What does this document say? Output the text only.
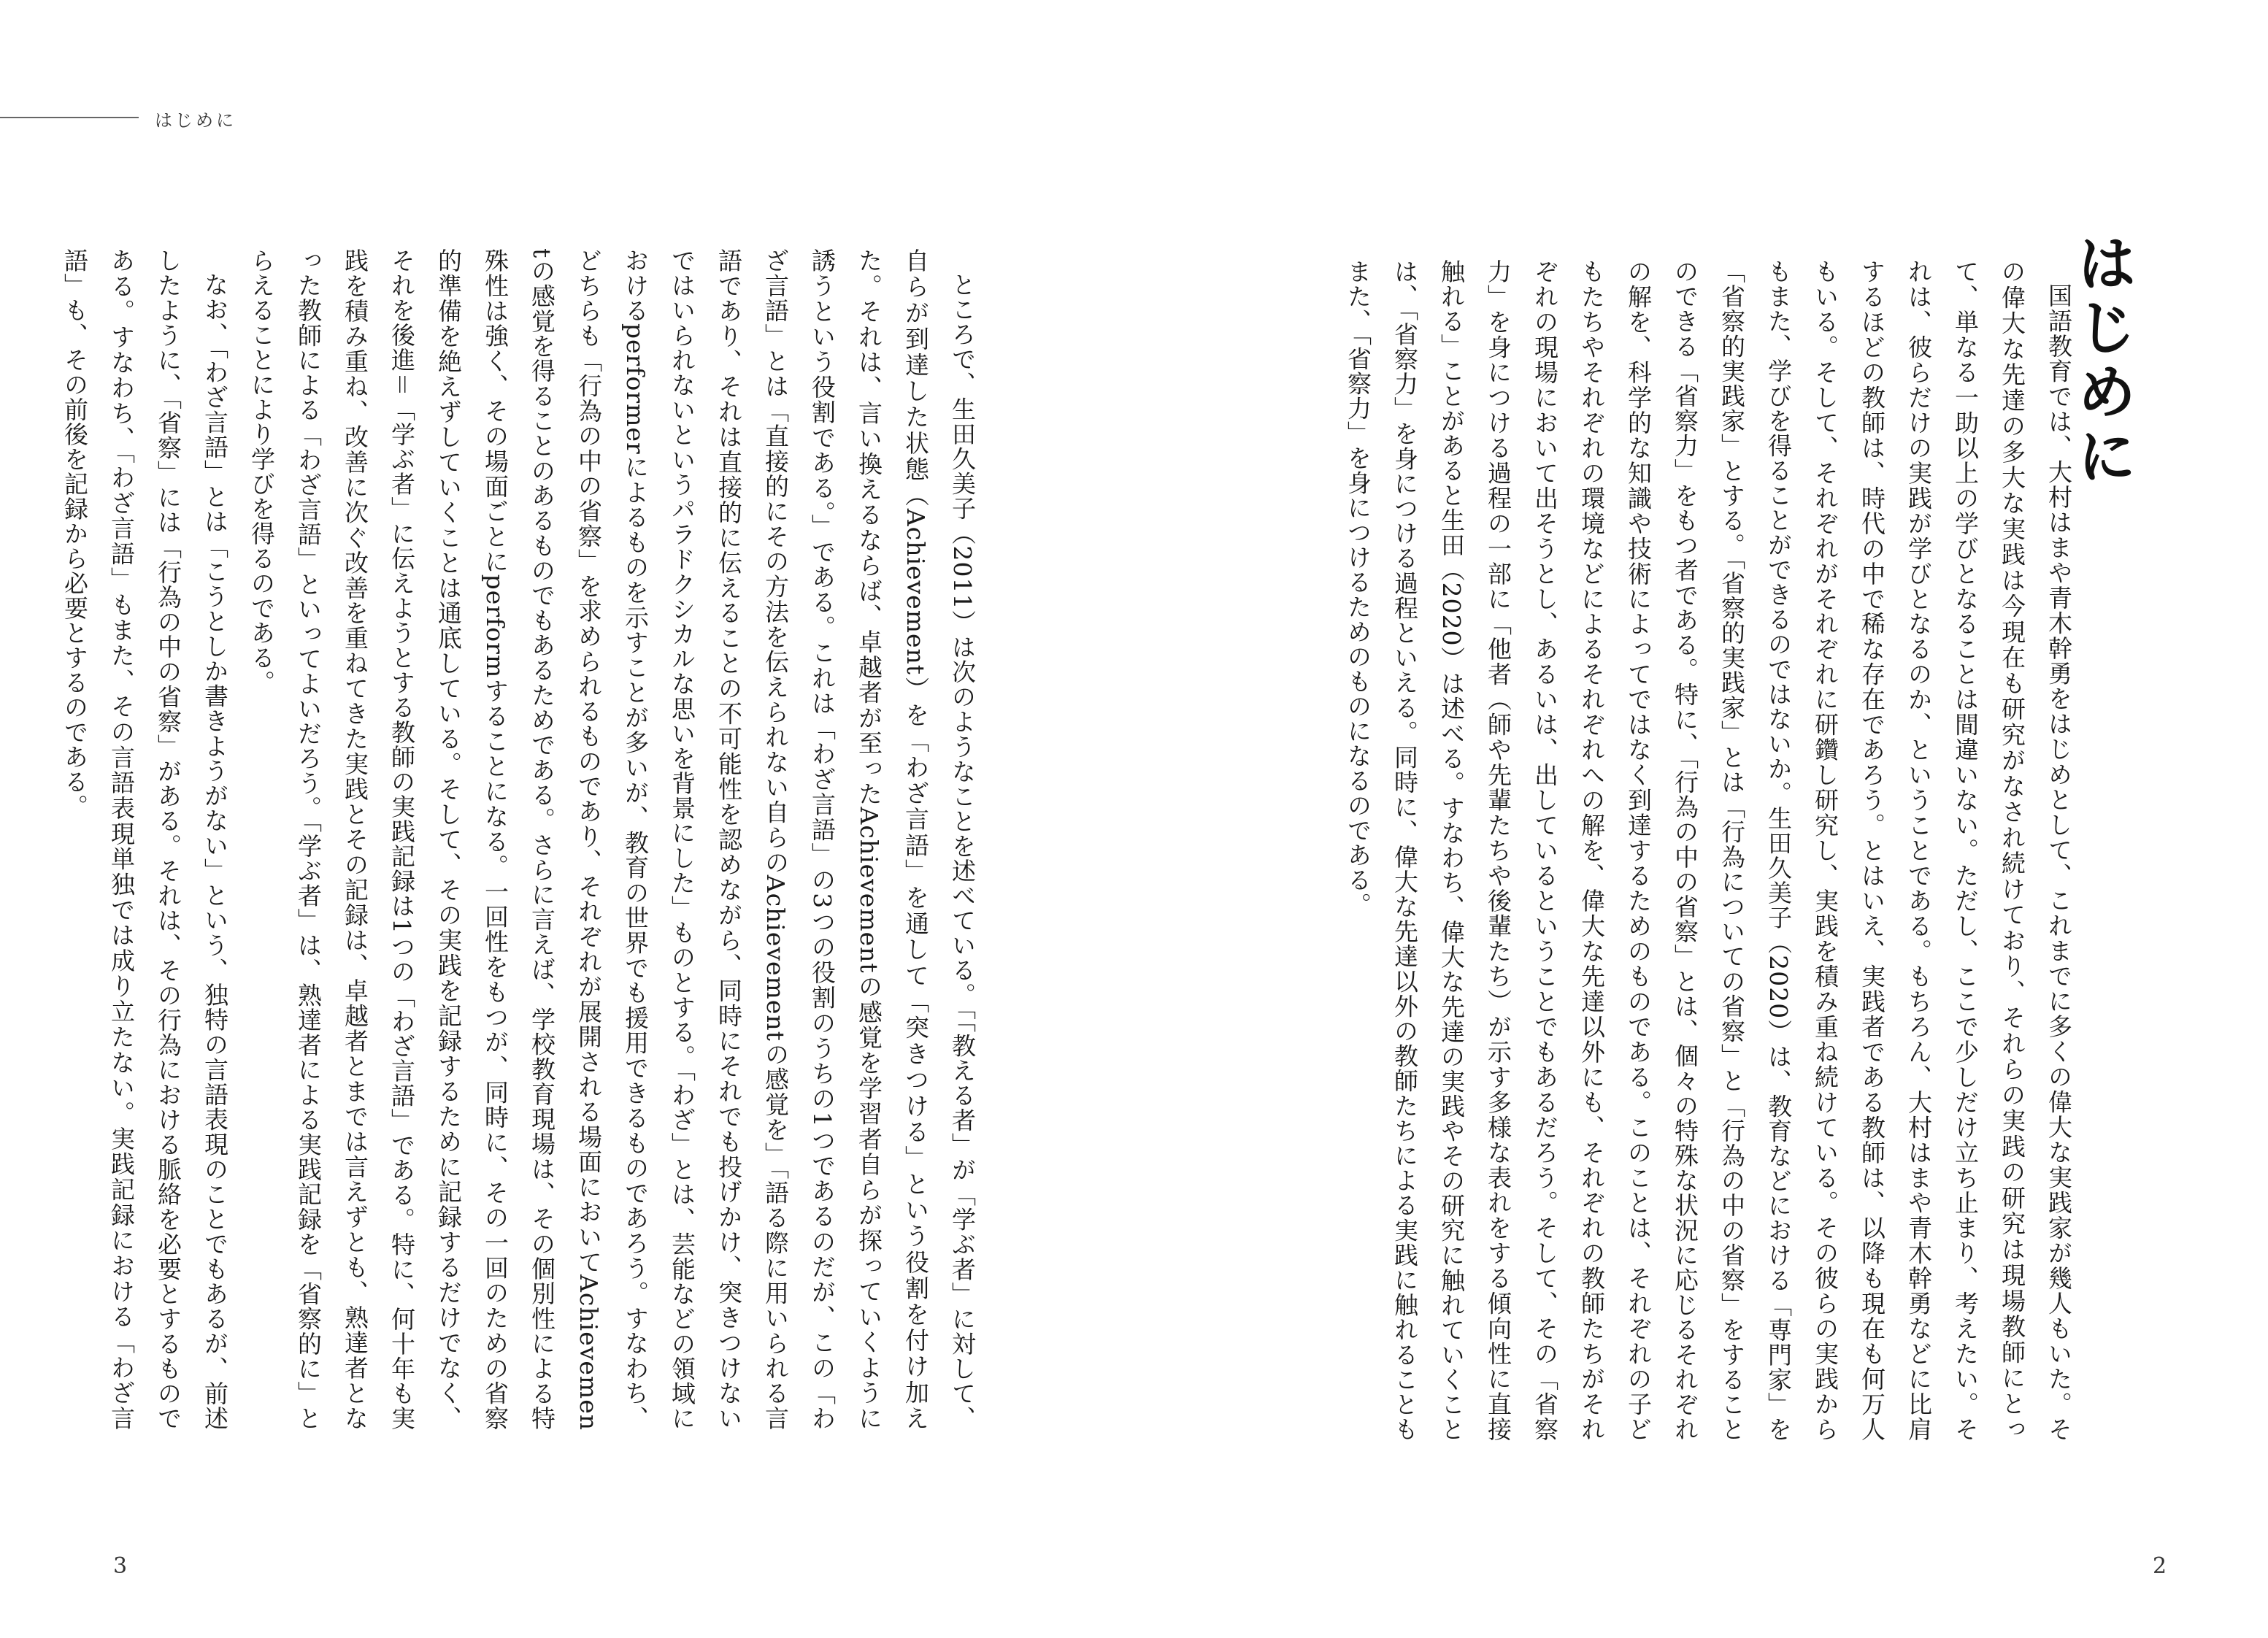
はじめに

ところで、生田久美子（2011）は次のようなことを述べている。「「教える者」が「学ぶ者」に対して、自らが到達した状態（Achievement）を「わざ言語」を通して「突きつける」という役割を付け加えた。それは、言い換えるならば、卓越者が至ったAchievementの感覚を学習者自らが探っていくように誘うという役割である。」である。これは「わざ言語」の3つの役割のうちの1つであるのだが、この「わざ言語」とは「直接的にその方法を伝えられない自らのAchievementの感覚を」「語る際に用いられる言語であり、それは直接的に伝えることの不可能性を認めながら、同時にそれでも投げかけ、突きつけないではいられないというパラドクシカルな思いを背景にした」ものとする。「わざ」とは、芸能などの領域におけるperformerによるものを示すことが多いが、教育の世界でも援用できるものであろう。すなわち、どちらも「行為の中の省察」を求められるものであり、それぞれが展開される場面においてAchievementの感覚を得ることのあるものでもあるためである。さらに言えば、学校教育現場は、その個別性による特殊性は強く、その場面ごとにperformすることになる。一回性をもつが、同時に、その一回のための省察的準備を絶えずしていくことは通底している。そして、その実践を記録するために記録するだけでなく、それを後進＝「学ぶ者」に伝えようとする教師の実践記録は1つの「わざ言語」である。特に、何十年も実践を積み重ね、改善に次ぐ改善を重ねてきた実践とその記録は、卓越者とまでは言えずとも、熟達者となった教師による「わざ言語」といってよいだろう。「学ぶ者」は、熟達者による実践記録を「省察的に」とらえることにより学びを得るのである。

なお、「わざ言語」とは「こうとしか書きようがない」という、独特の言語表現のことでもあるが、前述したように、「省察」には「行為の中の省察」がある。それは、その行為における脈絡を必要とするものである。すなわち、「わざ言語」もまた、その言語表現単独では成り立たない。実践記録における「わざ言語」も、その前後を記録から必要とするのである。

3
はじめに

国語教育では、大村はまや青木幹勇をはじめとして、これまでに多くの偉大な実践家が幾人もいた。その偉大な先達の多大な実践は今現在も研究がなされ続けており、それらの実践の研究は現場教師にとって、単なる一助以上の学びとなることは間違いない。ただし、ここで少しだけ立ち止まり、考えたい。それは、彼らだけの実践が学びとなるのか、ということである。もちろん、大村はまや青木幹勇などに比肩するほどの教師は、時代の中で稀な存在であろう。とはいえ、実践者である教師は、以降も現在も何万人もいる。そして、それぞれがそれぞれに研鑽し研究し、実践を積み重ね続けている。その彼らの実践からもまた、学びを得ることができるのではないか。生田久美子（2020）は、教育などにおける「専門家」を「省察的実践家」とする。「省察的実践家」とは「行為についての省察」と「行為の中の省察」をすることのできる「省察力」をもつ者である。特に、「行為の中の省察」とは、個々の特殊な状況に応じるそれぞれの解を、科学的な知識や技術によってではなく到達するためのものである。このことは、それぞれの子どもたちやそれぞれの環境などによるそれぞれへの解を、偉大な先達以外にも、それぞれの教師たちがそれぞれの現場において出そうとし、あるいは、出しているということでもあるだろう。そして、その「省察力」を身につける過程の一部に「他者（師や先輩たちや後輩たち）が示す多様な表れをする傾向性に直接触れる」ことがあると生田（2020）は述べる。すなわち、偉大な先達の実践やその研究に触れていくことは、「省察力」を身につける過程といえる。同時に、偉大な先達以外の教師たちによる実践に触れることもまた、「省察力」を身につけるためのものになるのである。

2
